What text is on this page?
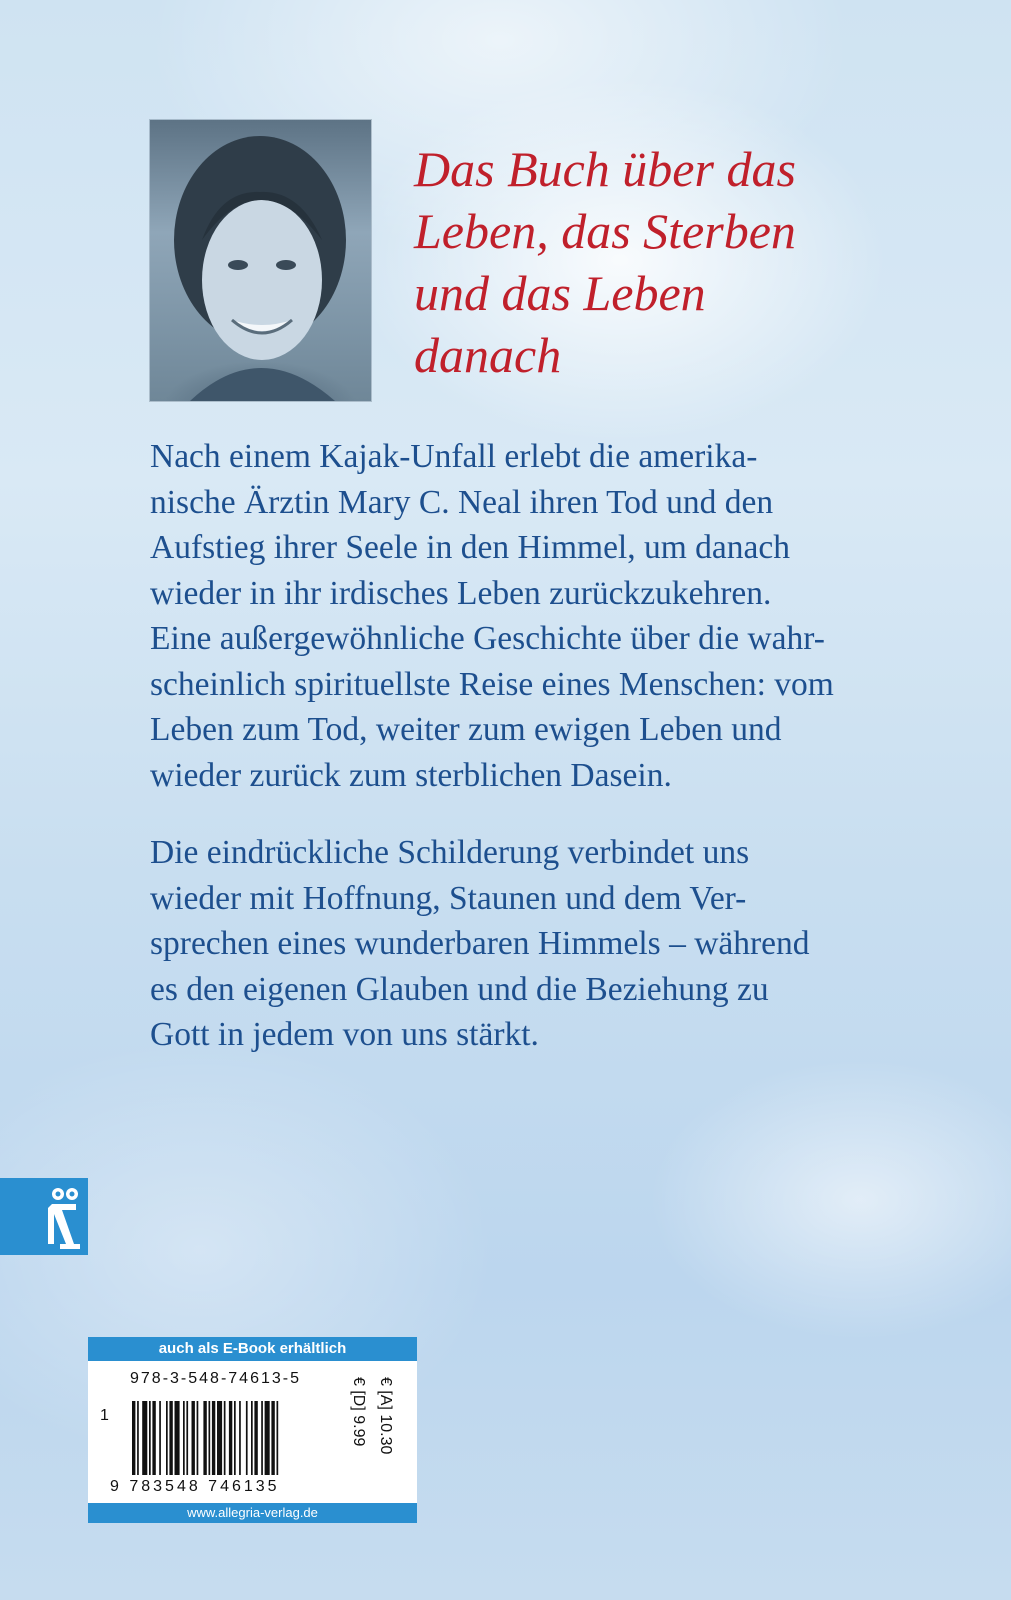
Das Buch über das
Leben, das Sterben
und das Leben
danach

Nach einem Kajak-Unfall erlebt die amerika-
nische Ärztin Mary C. Neal ihren Tod und den
Aufstieg ihrer Seele in den Himmel, um danach
wieder in ihr irdisches Leben zurückzukehren.
Eine außergewöhnliche Geschichte über die wahr-
scheinlich spirituellste Reise eines Menschen: vom
Leben zum Tod, weiter zum ewigen Leben und
wieder zurück zum sterblichen Dasein.

Die eindrückliche Schilderung verbindet uns
wieder mit Hoffnung, Staunen und dem Ver-
sprechen eines wunderbaren Himmels – während
es den eigenen Glauben und die Beziehung zu
Gott in jedem von uns stärkt.

auch als E-Book erhältlich
978-3-548-74613-5
1
9 783548 746135
€ [D] 9.99 € [A] 10.30
www.allegria-verlag.de
